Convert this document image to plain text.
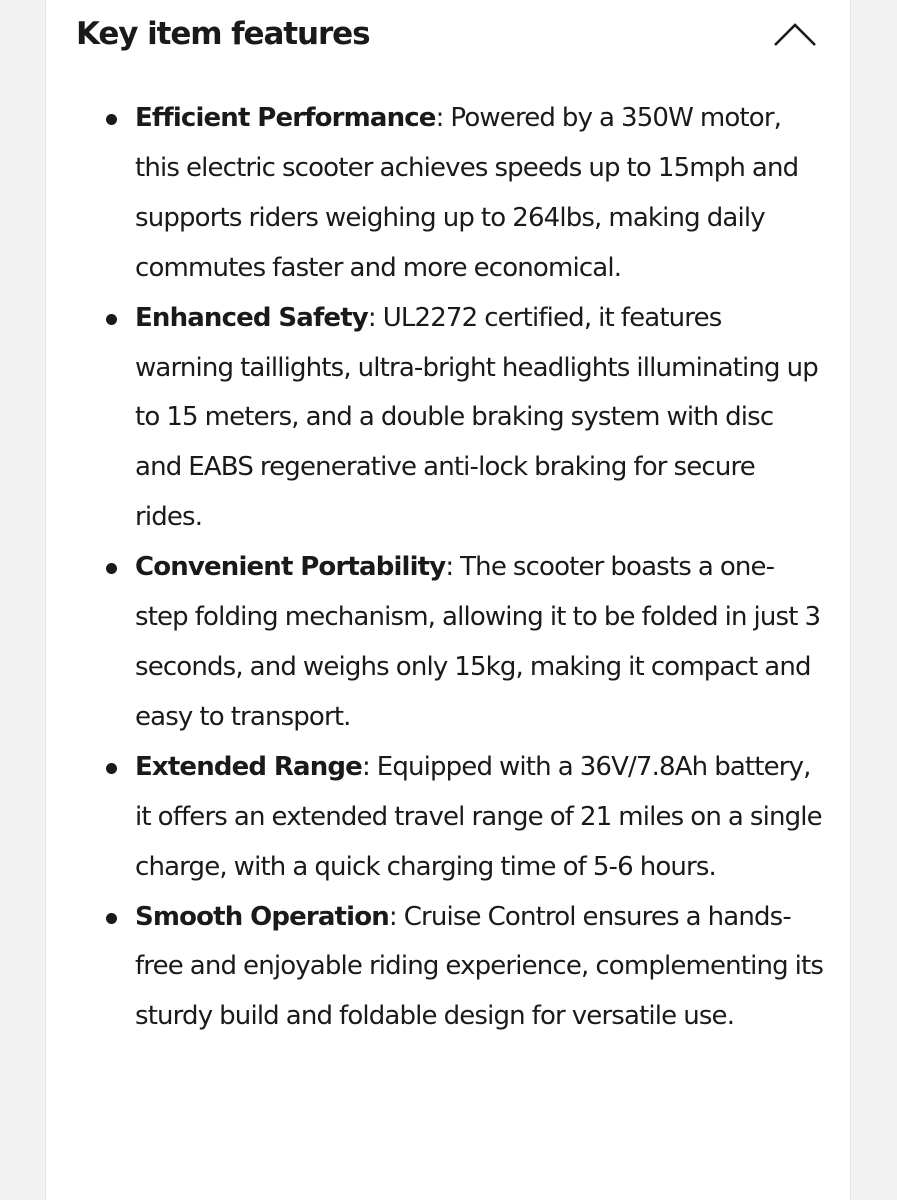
Key item features
Efficient Performance: Powered by a 350W motor, this electric scooter achieves speeds up to 15mph and supports riders weighing up to 264lbs, making daily commutes faster and more economical.
Enhanced Safety: UL2272 certified, it features warning taillights, ultra-bright headlights illuminating up to 15 meters, and a double braking system with disc and EABS regenerative anti-lock braking for secure rides.
Convenient Portability: The scooter boasts a one-step folding mechanism, allowing it to be folded in just 3 seconds, and weighs only 15kg, making it compact and easy to transport.
Extended Range: Equipped with a 36V/7.8Ah battery, it offers an extended travel range of 21 miles on a single charge, with a quick charging time of 5-6 hours.
Smooth Operation: Cruise Control ensures a hands-free and enjoyable riding experience, complementing its sturdy build and foldable design for versatile use.
